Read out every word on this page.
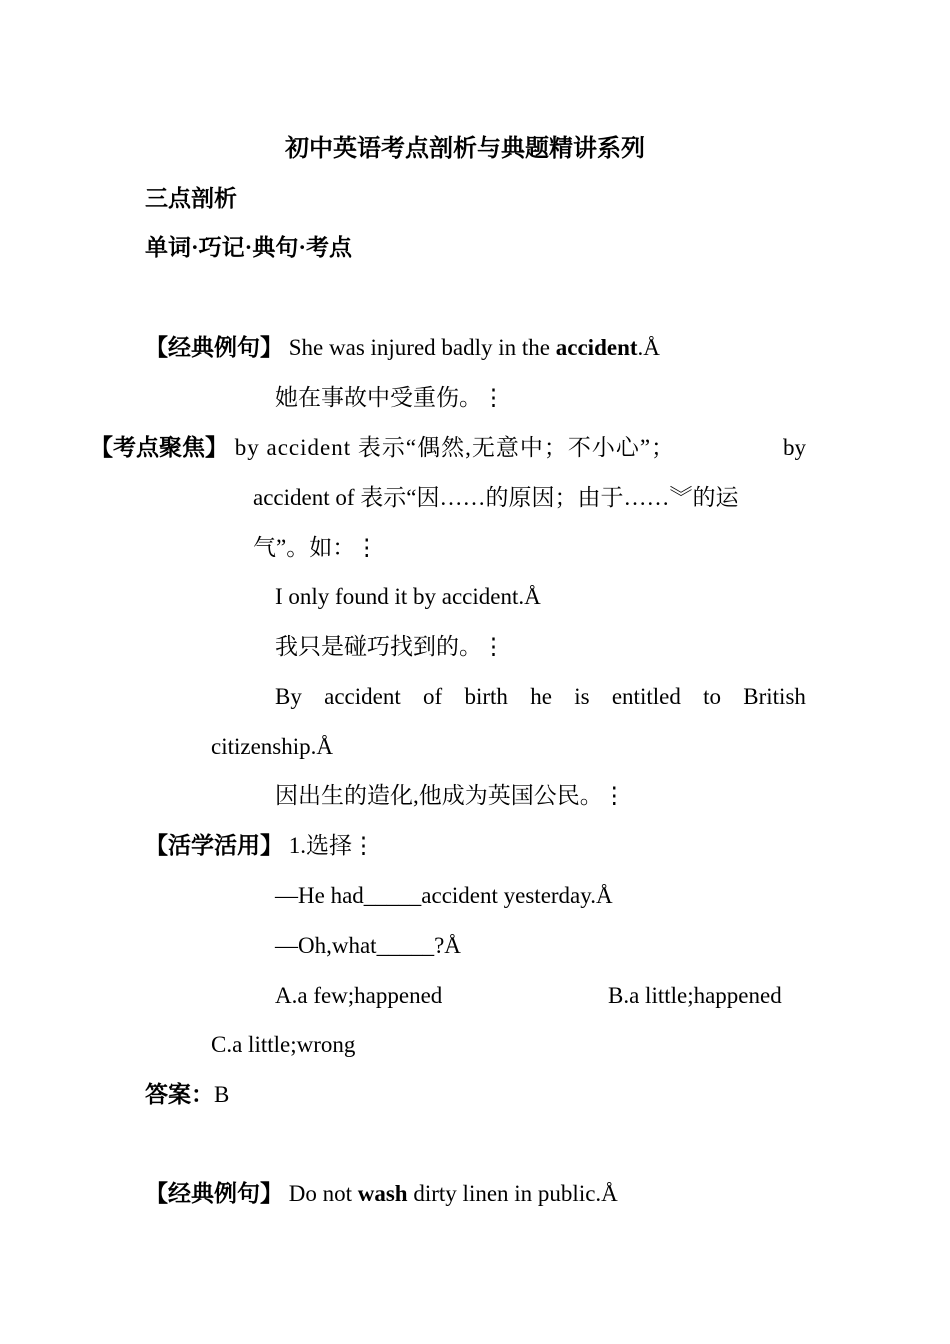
初中英语考点剖析与典题精讲系列
三点剖析
单词·巧记·典句·考点
【经典例句】 She was injured badly in the accident.Å
她在事故中受重伤。⋮
【考点聚焦】 by accident 表示“偶然,无意中；不小心”；	by
accident of 表示“因……的原因；由于……︾的运
气”。如：⋮
I only found it by accident.Å
我只是碰巧找到的。⋮
By accident of birth he is entitled to British
citizenship.Å
因出生的造化,他成为英国公民。⋮
【活学活用】 1.选择⋮
—He had_____accident yesterday.Å
—Oh,what_____?Å
A.a few;happened	B.a little;happened
C.a little;wrong
答案：B
【经典例句】 Do not wash dirty linen in public.Å
